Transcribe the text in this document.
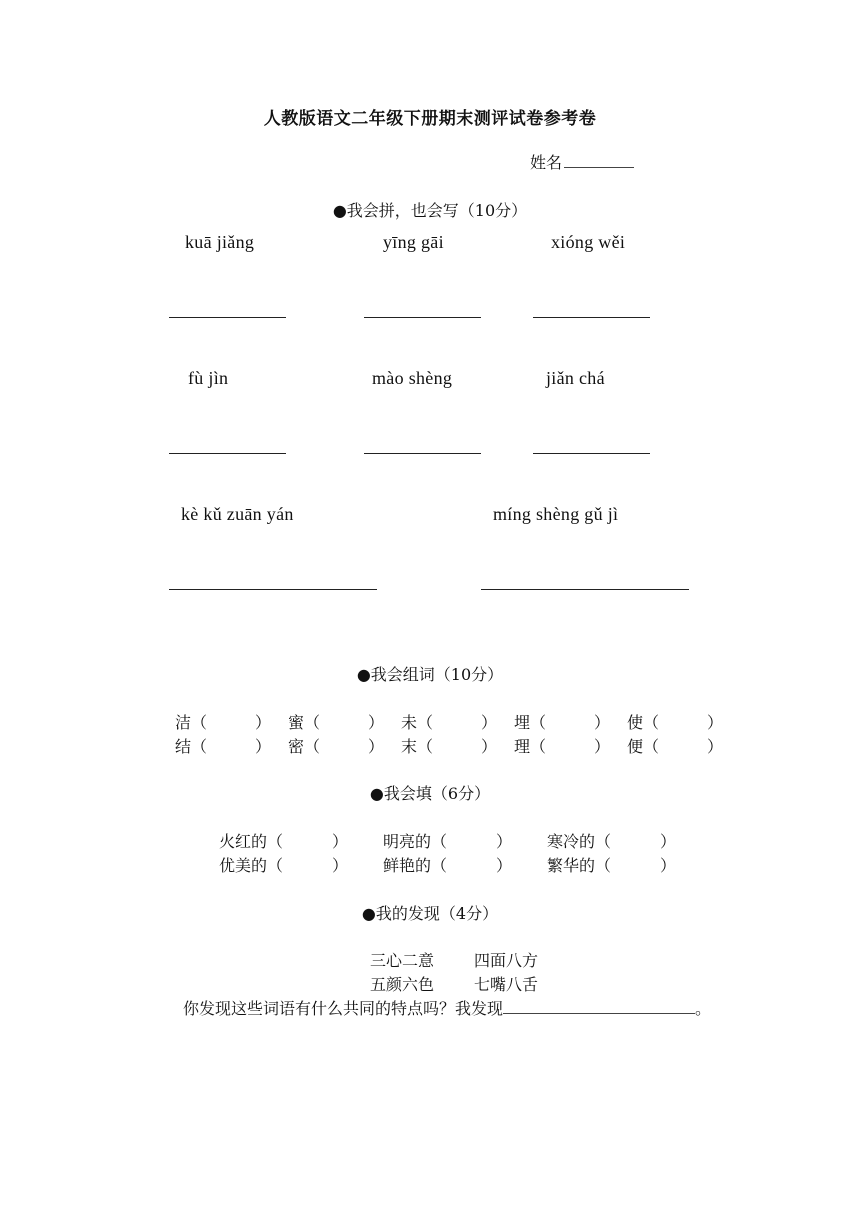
人教版语文二年级下册期末测评试卷参考卷
姓名
●我会拼，也会写（10分）
kuā jiǎng	yīng gāi	xióng wěi
fù jìn	mào shèng	jiǎn chá
kè kǔ zuān yán	míng shèng gǔ jì
●我会组词（10分）
洁（	） 蜜（	） 未（	） 埋（	） 使（	）
结（	） 密（	） 末（	） 理（	） 便（	）
●我会填（6分）
火红的（	） 明亮的（	） 寒冷的（	）
优美的（	） 鲜艳的（	） 繁华的（	）
●我的发现（4分）
三心二意 四面八方
五颜六色 七嘴八舌
你发现这些词语有什么共同的特点吗？我发现	。
